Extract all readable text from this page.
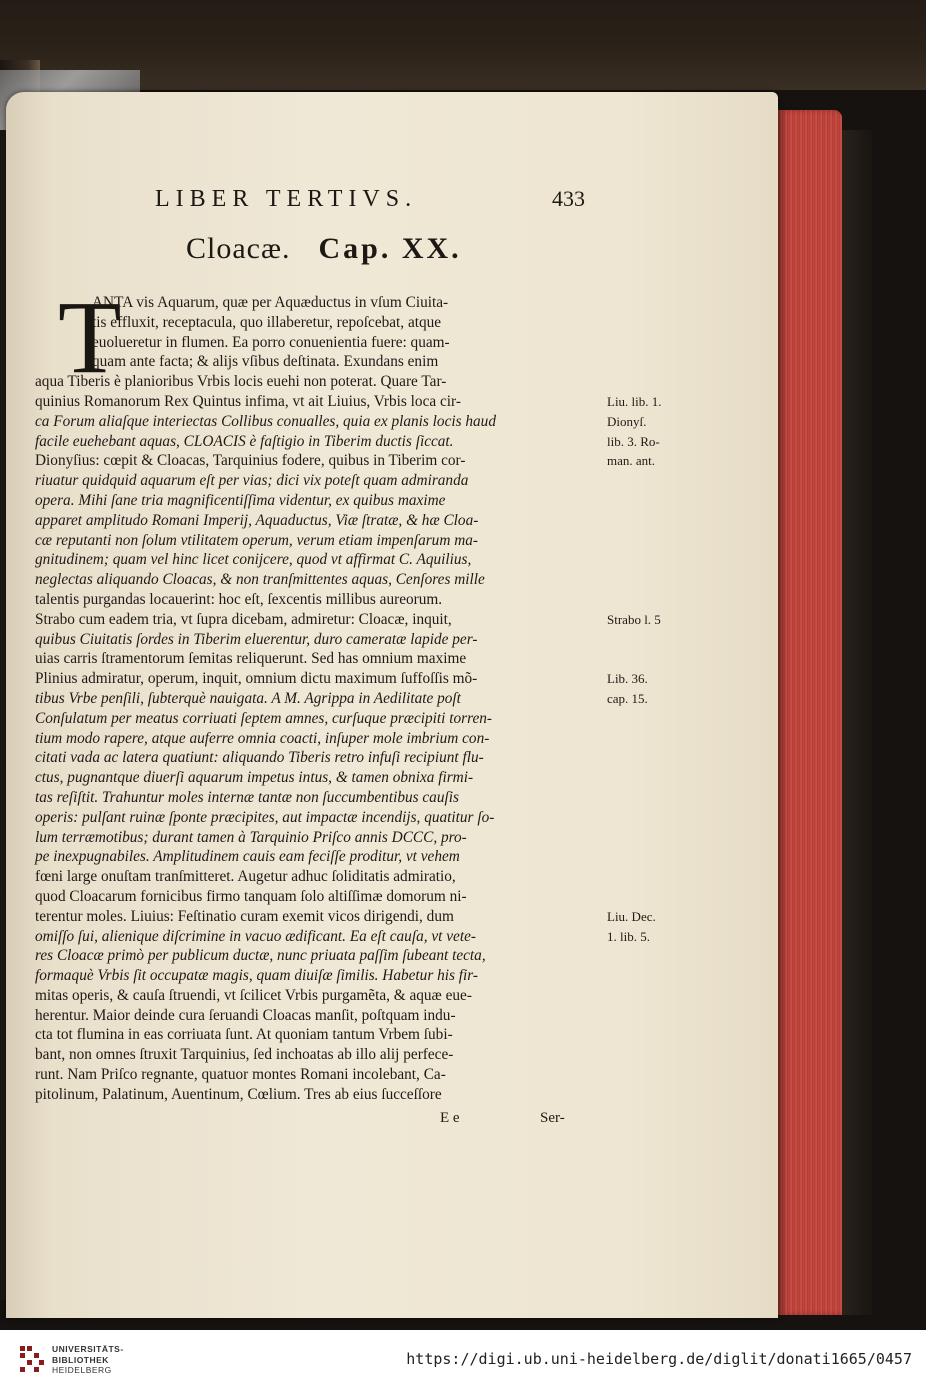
LIBER TERTIVS.	433
Cloacæ. Cap. XX.
T
ANTA vis Aquarum, quæ per Aquæductus in vſum Ciuita-
tis effluxit, receptacula, quo illaberetur, repoſcebat, atque
euolueretur in flumen. Ea porro conuenientia fuere: quam-
quam ante facta; & alijs vſibus deſtinata. Exundans enim
aqua Tiberis è planioribus Vrbis locis euehi non poterat. Quare Tar-
quinius Romanorum Rex Quintus infima, vt ait Liuius, Vrbis loca cir-
ca Forum aliaſque interiectas Collibus conualles, quia ex planis locis haud
facile euehebant aquas, CLOACIS è faſtigio in Tiberim ductis ſiccat.
Dionyſius: cœpit & Cloacas, Tarquinius fodere, quibus in Tiberim cor-
riuatur quidquid aquarum eſt per vias; dici vix poteſt quam admiranda
opera. Mihi ſane tria magnificentiſſima videntur, ex quibus maxime
apparet amplitudo Romani Imperij, Aquaductus, Viæ ſtratæ, & hæ Cloa-
cæ reputanti non ſolum vtilitatem operum, verum etiam impenſarum ma-
gnitudinem; quam vel hinc licet conijcere, quod vt affirmat C. Aquilius,
neglectas aliquando Cloacas, & non tranſmittentes aquas, Cenſores mille
talentis purgandas locauerint: hoc eſt, ſexcentis millibus aureorum.
Strabo cum eadem tria, vt ſupra dicebam, admiretur: Cloacæ, inquit,
quibus Ciuitatis ſordes in Tiberim eluerentur, duro cameratæ lapide per-
uias carris ſtramentorum ſemitas reliquerunt. Sed has omnium maxime
Plinius admiratur, operum, inquit, omnium dictu maximum ſuffoſſis mõ-
tibus Vrbe penſili, ſubterquè nauigata. A M. Agrippa in Aedilitate poſt
Conſulatum per meatus corriuati ſeptem amnes, curſuque præcipiti torren-
tium modo rapere, atque auferre omnia coacti, inſuper mole imbrium con-
citati vada ac latera quatiunt: aliquando Tiberis retro infuſi recipiunt flu-
ctus, pugnantque diuerſi aquarum impetus intus, & tamen obnixa firmi-
tas reſiſtit. Trahuntur moles internæ tantæ non ſuccumbentibus cauſis
operis: pulſant ruinæ ſponte præcipites, aut impactæ incendijs, quatitur ſo-
lum terræmotibus; durant tamen à Tarquinio Priſco annis DCCC, pro-
pe inexpugnabiles. Amplitudinem cauis eam feciſſe proditur, vt vehem
fœni large onuſtam tranſmitteret. Augetur adhuc ſoliditatis admiratio,
quod Cloacarum fornicibus firmo tanquam ſolo altiſſimæ domorum ni-
terentur moles. Liuius: Feſtinatio curam exemit vicos dirigendi, dum
omiſſo ſui, alienique diſcrimine in vacuo ædificant. Ea eſt cauſa, vt vete-
res Cloacæ primò per publicum ductæ, nunc priuata paſſim ſubeant tecta,
formaquè Vrbis ſit occupatæ magis, quam diuiſæ ſimilis. Habetur his fir-
mitas operis, & cauſa ſtruendi, vt ſcilicet Vrbis purgamẽta, & aquæ eue-
herentur. Maior deinde cura ſeruandi Cloacas manſit, poſtquam indu-
cta tot flumina in eas corriuata ſunt. At quoniam tantum Vrbem ſubi-
bant, non omnes ſtruxit Tarquinius, ſed inchoatas ab illo alij perfece-
runt. Nam Priſco regnante, quatuor montes Romani incolebant, Ca-
pitolinum, Palatinum, Auentinum, Cœlium. Tres ab eius ſucceſſore
Liu. lib. 1.
Dionyſ.
lib. 3. Ro-
man. ant.
Strabo l. 5
Lib. 36.
cap. 15.
Liu. Dec.
1. lib. 5.
E e	Ser-
UNIVERSITÄTS-
BIBLIOTHEK
HEIDELBERG
https://digi.ub.uni-heidelberg.de/diglit/donati1665/0457
